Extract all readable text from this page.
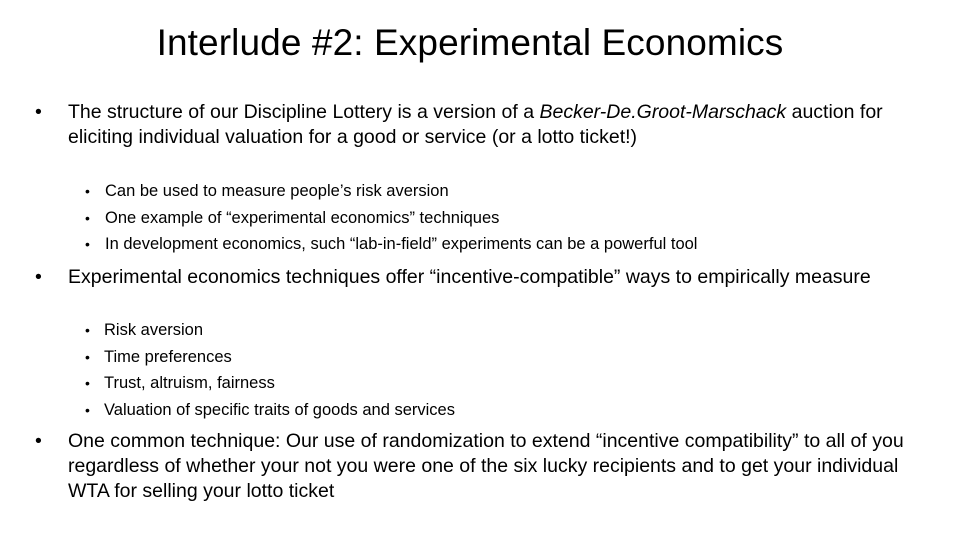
Interlude #2: Experimental Economics
• The structure of our Discipline Lottery is a version of a Becker-De.Groot-Marschack auction for eliciting individual valuation for a good or service (or a lotto ticket!)
• Can be used to measure people’s risk aversion
• One example of “experimental economics” techniques
• In development economics, such “lab-in-field” experiments can be a powerful tool
• Experimental economics techniques offer “incentive-compatible” ways to empirically measure
• Risk aversion
• Time preferences
• Trust, altruism, fairness
• Valuation of specific traits of goods and services
• One common technique: Our use of randomization to extend “incentive compatibility” to all of you regardless of whether your not you were one of the six lucky recipients and to get your individual WTA for selling your lotto ticket
